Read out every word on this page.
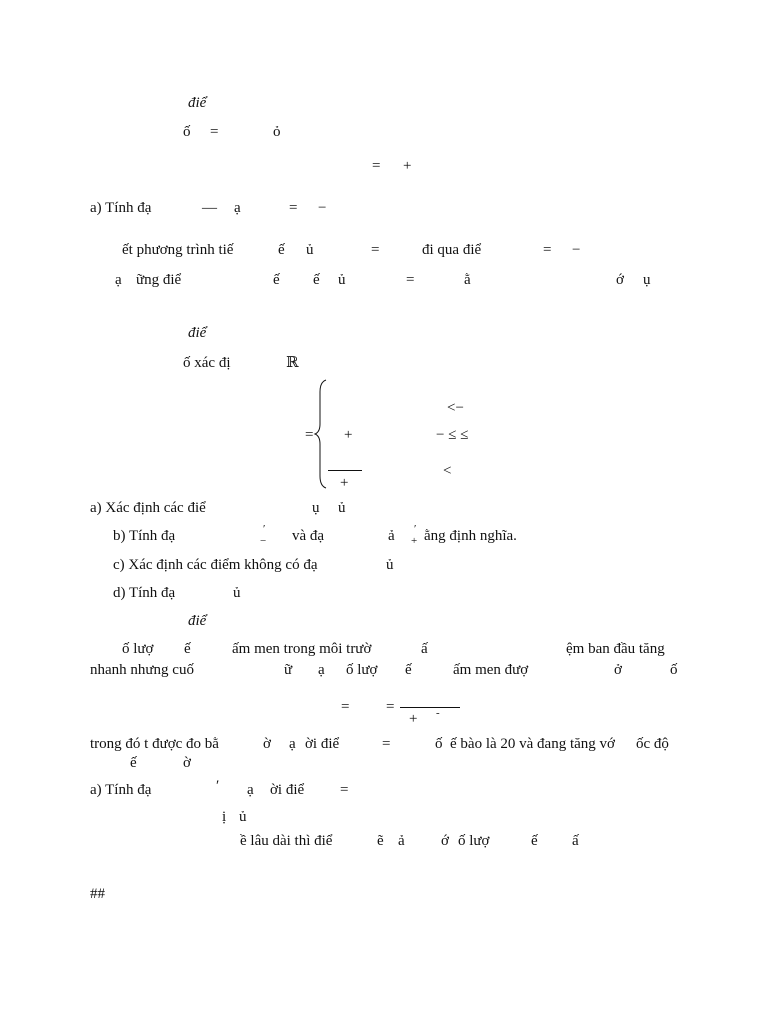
điể
ố =	ỏ
= +
a) Tính đạ	— ạ	= −
ết phương trình tiế	ế ủ	=	đi qua điể	= −
ạ ững điể	ế ế ủ	=	ằ	ớ ụ
điể
ố xác đị	ℝ
<−
= +	− ≤ ≤
<
+
a) Xác định các điể	ụ ủ
b) Tính đạ	′
− và đạ	ả ′
+ ằng định nghĩa.
c) Xác định các điểm không có đạ	ủ
d) Tính đạ	ủ
điể
ố lượ ế	ấm men trong môi trườ	ấ	ệm ban đầu tăng
nhanh nhưng cuố	ữ ạ ố lượ ế	ấm men đượ	ở	ố
= =
+ -
trong đó t được đo bằ	ờ ạ ời điể	=	ố ế bào là 20 và đang tăng vớ ốc độ
ế	ờ
a) Tính đạ	′ ạ ời điể =
ị ủ
ề lâu dài thì điể	ẽ ả ớ ố lượ	ế ấ
##
